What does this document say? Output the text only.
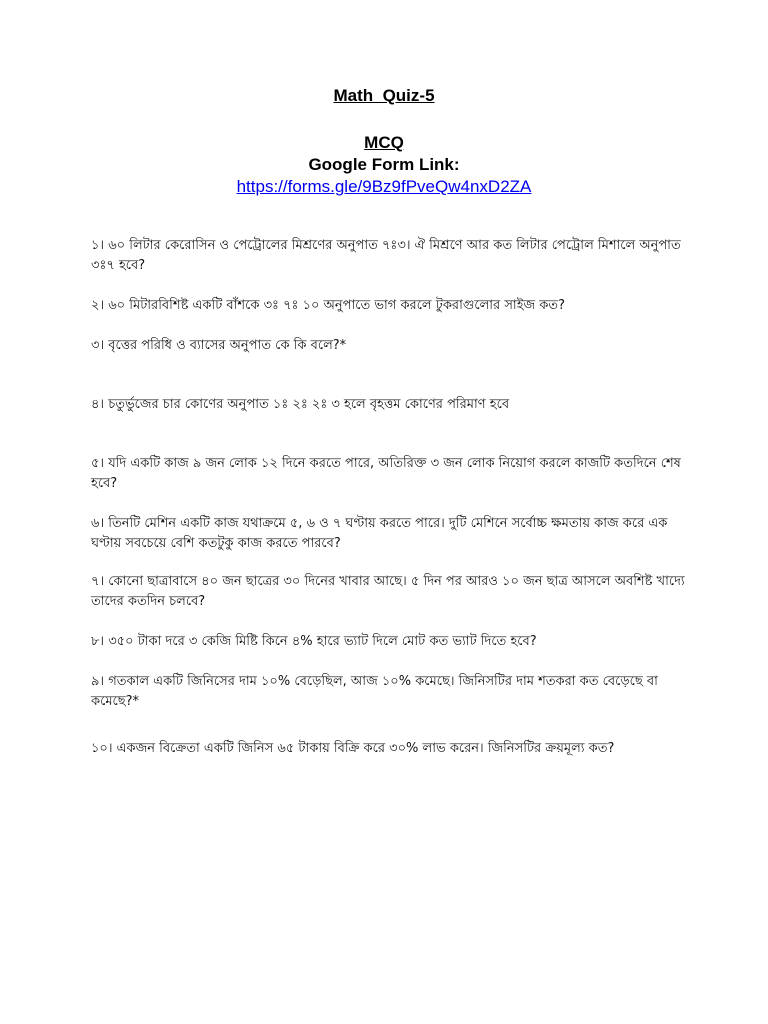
Math  Quiz-5
MCQ
Google Form Link:
https://forms.gle/9Bz9fPveQw4nxD2ZA

১। ৬০ লিটার কেরোসিন ও পেট্রোলের মিশ্রণের অনুপাত ৭ঃ৩। ঐ মিশ্রণে আর কত লিটার পেট্রোল মিশালে অনুপাত ৩ঃ৭ হবে?

২। ৬০ মিটারবিশিষ্ট একটি বাঁশকে ৩ঃ ৭ঃ ১০ অনুপাতে ভাগ করলে টুকরাগুলোর সাইজ কত?

৩। বৃত্তের পরিধি ও ব্যাসের অনুপাত কে কি বলে?*

৪। চতুর্ভুজের চার কোণের অনুপাত ১ঃ ২ঃ ২ঃ ৩ হলে বৃহত্তম কোণের পরিমাণ হবে

৫। যদি একটি কাজ ৯ জন লোক ১২ দিনে করতে পারে, অতিরিক্ত ৩ জন লোক নিয়োগ করলে কাজটি কতদিনে শেষ হবে?

৬। তিনটি মেশিন একটি কাজ যথাক্রমে ৫, ৬ ও ৭ ঘণ্টায় করতে পারে। দুটি মেশিনে সর্বোচ্চ ক্ষমতায় কাজ করে এক ঘণ্টায় সবচেয়ে বেশি কতটুকু কাজ করতে পারবে?

৭। কোনো ছাত্রাবাসে ৪০ জন ছাত্রের ৩০ দিনের খাবার আছে। ৫ দিন পর আরও ১০ জন ছাত্র আসলে অবশিষ্ট খাদ্যে তাদের কতদিন চলবে?

৮। ৩৫০ টাকা দরে ৩ কেজি মিষ্টি কিনে ৪% হারে ভ্যাট দিলে মোট কত ভ্যাট দিতে হবে?

৯। গতকাল একটি জিনিসের দাম ১০% বেড়েছিল, আজ ১০% কমেছে। জিনিসটির দাম শতকরা কত বেড়েছে বা কমেছে?*

১০। একজন বিক্রেতা একটি জিনিস ৬৫ টাকায় বিক্রি করে ৩০% লাভ করেন। জিনিসটির ক্রয়মূল্য কত?
